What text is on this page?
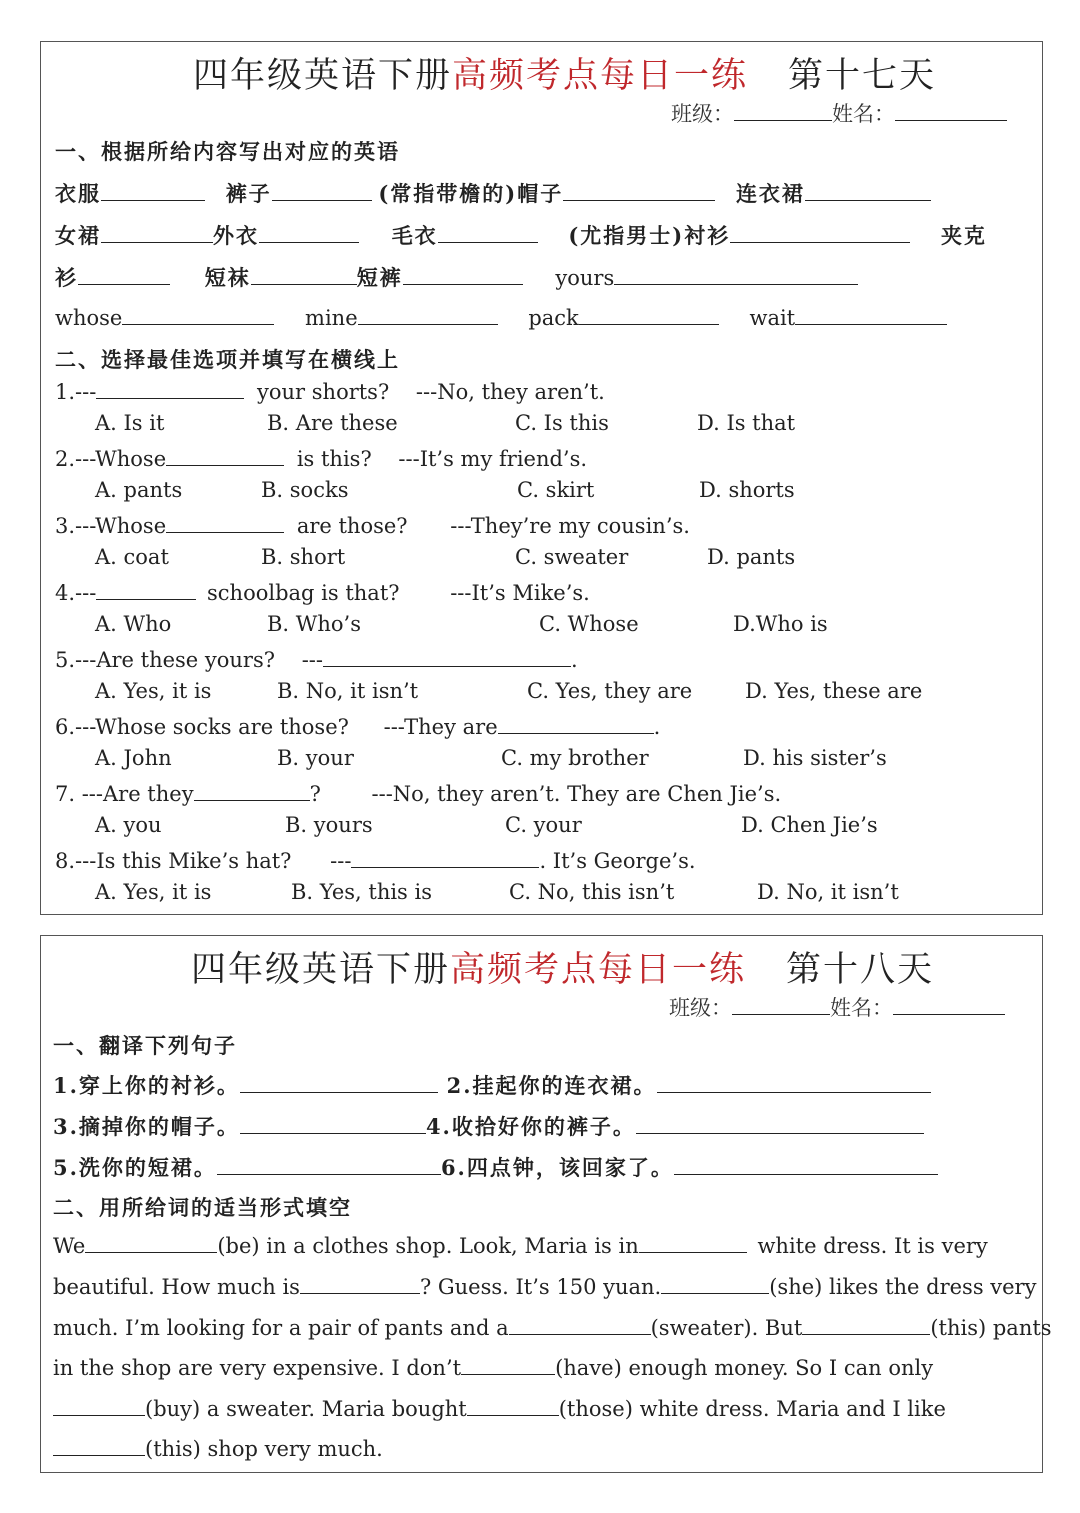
四年级英语下册高频考点每日一练 第十七天
班级：	姓名：
一、根据所给内容写出对应的英语
衣服	裤子	(常指带檐的)帽子	连衣裙
女裙	外衣	毛衣	(尤指男士)衬衫	夹克
衫	短袜	短裤	yours
whose	mine	pack	wait
二、选择最佳选项并填写在横线上
1.---	your shorts? ---No, they aren’t.
A. Is it	B. Are these	C. Is this	D. Is that
2.---Whose	is this? ---It’s my friend’s.
A. pants	B. socks	C. skirt	D. shorts
3.---Whose	are those? ---They’re my cousin’s.
A. coat	B. short	C. sweater	D. pants
4.---	schoolbag is that? ---It’s Mike’s.
A. Who	B. Who’s	C. Whose	D.Who is
5.---Are these yours? ---	.
A. Yes, it is	B. No, it isn’t	C. Yes, they are	D. Yes, these are
6.---Whose socks are those? ---They are	.
A. John	B. your	C. my brother	D. his sister’s
7. ---Are they	? ---No, they aren’t. They are Chen Jie’s.
A. you	B. yours	C. your	D. Chen Jie’s
8.---Is this Mike’s hat? ---	. It’s George’s.
A. Yes, it is	B. Yes, this is	C. No, this isn’t	D. No, it isn’t
四年级英语下册高频考点每日一练 第十八天
班级：	姓名：
一、翻译下列句子
1.穿上你的衬衫。	2.挂起你的连衣裙。
3.摘掉你的帽子。	4.收拾好你的裤子。
5.洗你的短裙。	6.四点钟，该回家了。
二、用所给词的适当形式填空
We	(be) in a clothes shop. Look, Maria is in	white dress. It is very
beautiful. How much is	? Guess. It’s 150 yuan.	(she) likes the dress very
much. I’m looking for a pair of pants and a	(sweater). But	(this) pants
in the shop are very expensive. I don’t	(have) enough money. So I can only
(buy) a sweater. Maria bought	(those) white dress. Maria and I like
(this) shop very much.
